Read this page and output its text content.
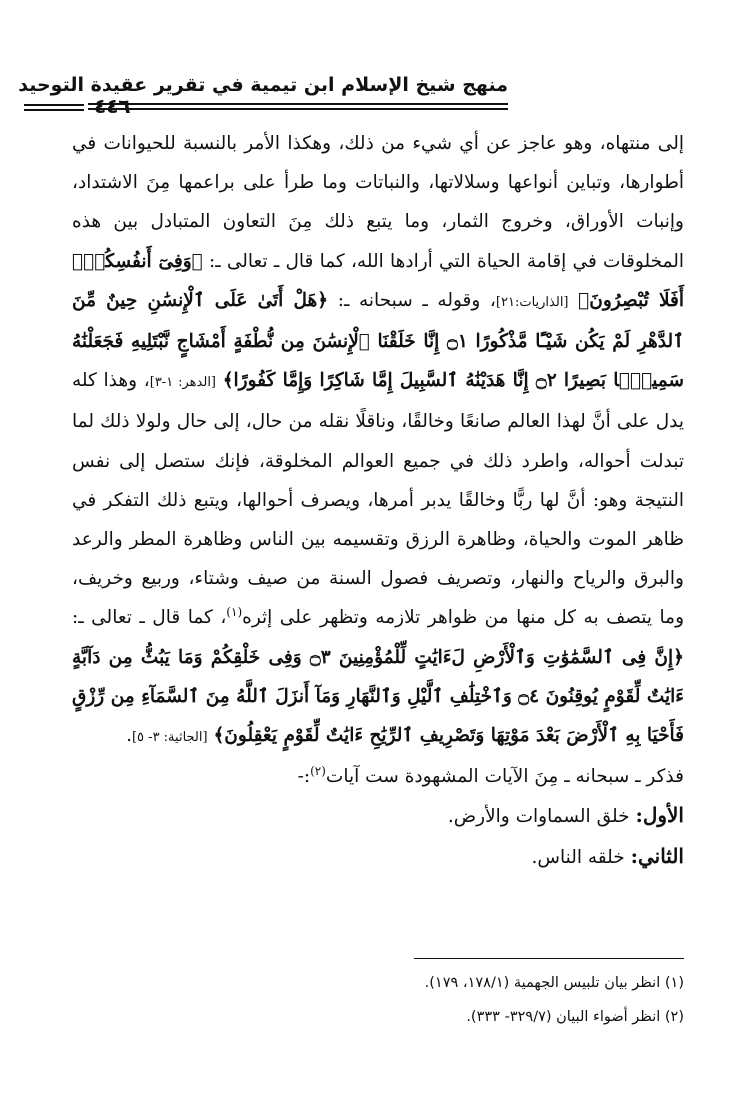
منهج شيخ الإسلام ابن تيمية في تقرير عقيدة التوحيد
٤٤٦

إلى منتهاه، وهو عاجز عن أي شيء من ذلك، وهكذا الأمر بالنسبة للحيوانات في أطوارها، وتباين أنواعها وسلالاتها، والنباتات وما طرأ على براعمها مِنَ الاشتداد، وإنبات الأوراق، وخروج الثمار، وما يتبع ذلك مِنَ التعاون المتبادل بين هذه المخلوقات في إقامة الحياة التي أرادها الله، كما قال ـ تعالى ـ: ﴿وَفِىٓ أَنفُسِكُمْۚ أَفَلَا تُبْصِرُونَ﴾ [الذاريات:٢١]، وقوله ـ سبحانه ـ: ﴿هَلْ أَتَىٰ عَلَى ٱلْإِنسَٰنِ حِينٌ مِّنَ ٱلدَّهْرِ لَمْ يَكُن شَيْـًٔا مَّذْكُورًا ۝١ إِنَّا خَلَقْنَا ٱلْإِنسَٰنَ مِن نُّطْفَةٍ أَمْشَاجٍ نَّبْتَلِيهِ فَجَعَلْنَٰهُ سَمِيعًۢا بَصِيرًا ۝٢ إِنَّا هَدَيْنَٰهُ ٱلسَّبِيلَ إِمَّا شَاكِرًا وَإِمَّا كَفُورًا﴾ [الدهر: ١-٣]، وهذا كله يدل على أنَّ لهذا العالم صانعًا وخالقًا، وناقلًا نقله من حال، إلى حال ولولا ذلك لما تبدلت أحواله، واطرد ذلك في جميع العوالم المخلوقة، فإنك ستصل إلى نفس النتيجة وهو: أنَّ لها ربًّا وخالقًا يدبر أمرها، ويصرف أحوالها، ويتبع ذلك التفكر في ظاهر الموت والحياة، وظاهرة الرزق وتقسيمه بين الناس وظاهرة المطر والرعد والبرق والرياح والنهار، وتصريف فصول السنة من صيف وشتاء، وربيع وخريف، وما يتصف به كل منها من ظواهر تلازمه وتظهر على إثره$^{(١)}$، كما قال ـ تعالى ـ: ﴿إِنَّ فِى ٱلسَّمَٰوَٰتِ وَٱلْأَرْضِ لَءَايَٰتٍ لِّلْمُؤْمِنِينَ ۝٣ وَفِى خَلْقِكُمْ وَمَا يَبُثُّ مِن دَآبَّةٍ ءَايَٰتٌ لِّقَوْمٍ يُوقِنُونَ ۝٤ وَٱخْتِلَٰفِ ٱلَّيْلِ وَٱلنَّهَارِ وَمَآ أَنزَلَ ٱللَّهُ مِنَ ٱلسَّمَآءِ مِن رِّزْقٍ فَأَحْيَا بِهِ ٱلْأَرْضَ بَعْدَ مَوْتِهَا وَتَصْرِيفِ ٱلرِّيَٰحِ ءَايَٰتٌ لِّقَوْمٍ يَعْقِلُونَ﴾ [الجاثية: ٣- ٥].

فذكر ـ سبحانه ـ مِنَ الآيات المشهودة ست آيات$^{(٢)}$:-

الأول: خلق السماوات والأرض.

الثاني: خلقه الناس.

(١) انظر بيان تلبيس الجهمية (١٧٨/١، ١٧٩).

(٢) انظر أضواء البيان (٣٢٩/٧- ٣٣٣).
